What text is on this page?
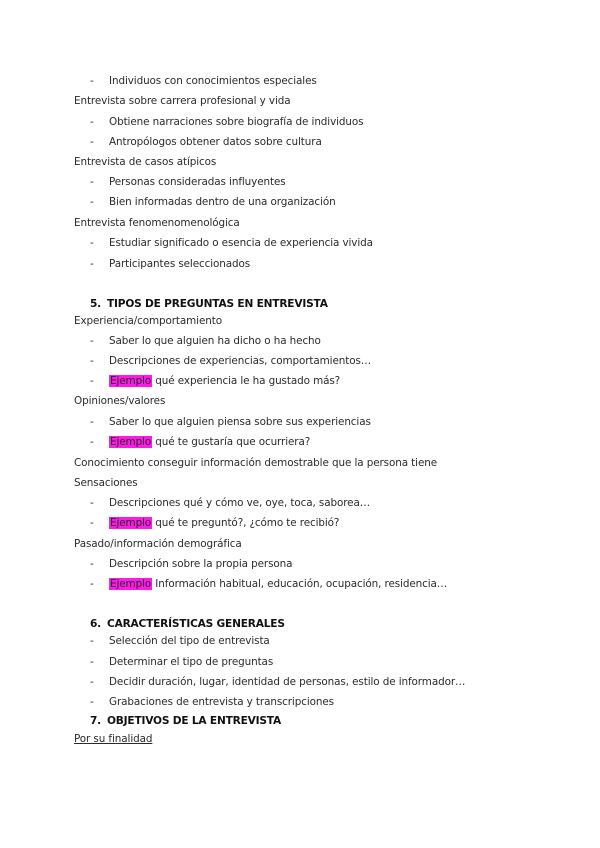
- Individuos con conocimientos especiales
Entrevista sobre carrera profesional y vida
- Obtiene narraciones sobre biografía de individuos
- Antropólogos obtener datos sobre cultura
Entrevista de casos atípicos
- Personas consideradas influyentes
- Bien informadas dentro de una organización
Entrevista fenomenomenológica
- Estudiar significado o esencia de experiencia vivida
- Participantes seleccionados
5. TIPOS DE PREGUNTAS EN ENTREVISTA
Experiencia/comportamiento
- Saber lo que alguien ha dicho o ha hecho
- Descripciones de experiencias, comportamientos…
- Ejemplo qué experiencia le ha gustado más?
Opiniones/valores
- Saber lo que alguien piensa sobre sus experiencias
- Ejemplo qué te gustaría que ocurriera?
Conocimiento conseguir información demostrable que la persona tiene
Sensaciones
- Descripciones qué y cómo ve, oye, toca, saborea…
- Ejemplo qué te preguntó?, ¿cómo te recibió?
Pasado/información demográfica
- Descripción sobre la propia persona
- Ejemplo Información habitual, educación, ocupación, residencia…
6. CARACTERÍSTICAS GENERALES
- Selección del tipo de entrevista
- Determinar el tipo de preguntas
- Decidir duración, lugar, identidad de personas, estilo de informador…
- Grabaciones de entrevista y transcripciones
7. OBJETIVOS DE LA ENTREVISTA
Por su finalidad
